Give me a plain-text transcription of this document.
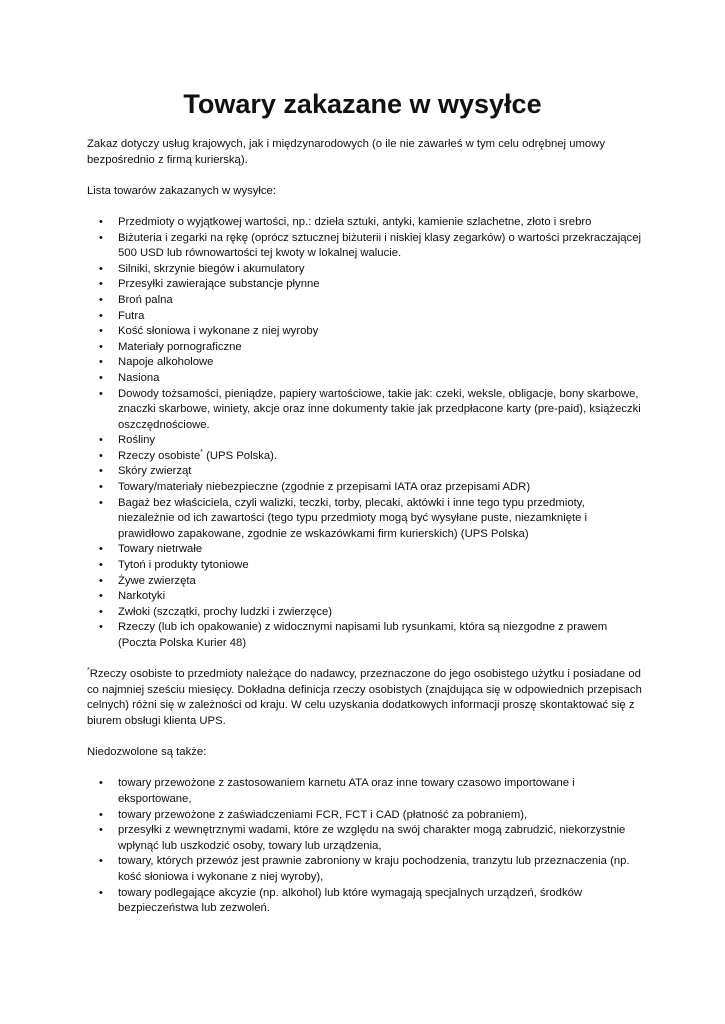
Towary zakazane w wysyłce

Zakaz dotyczy usług krajowych, jak i międzynarodowych (o ile nie zawarłeś w tym celu odrębnej umowy bezpośrednio z firmą kurierską).

Lista towarów zakazanych w wysyłce:

• Przedmioty o wyjątkowej wartości, np.: dzieła sztuki, antyki, kamienie szlachetne, złoto i srebro
• Biżuteria i zegarki na rękę (oprócz sztucznej biżuterii i niskiej klasy zegarków) o wartości przekraczającej 500 USD lub równowartości tej kwoty w lokalnej walucie.
• Silniki, skrzynie biegów i akumulatory
• Przesyłki zawierające substancje płynne
• Broń palna
• Futra
• Kość słoniowa i wykonane z niej wyroby
• Materiały pornograficzne
• Napoje alkoholowe
• Nasiona
• Dowody tożsamości, pieniądze, papiery wartościowe, takie jak: czeki, weksle, obligacje, bony skarbowe, znaczki skarbowe, winiety, akcje oraz inne dokumenty takie jak przedpłacone karty (pre-paid), książeczki oszczędnościowe.
• Rośliny
• Rzeczy osobiste* (UPS Polska).
• Skóry zwierząt
• Towary/materiały niebezpieczne (zgodnie z przepisami IATA oraz przepisami ADR)
• Bagaż bez właściciela, czyli walizki, teczki, torby, plecaki, aktówki i inne tego typu przedmioty, niezależnie od ich zawartości (tego typu przedmioty mogą być wysyłane puste, niezamknięte i prawidłowo zapakowane, zgodnie ze wskazówkami firm kurierskich) (UPS Polska)
• Towary nietrwałe
• Tytoń i produkty tytoniowe
• Żywe zwierzęta
• Narkotyki
• Zwłoki (szczątki, prochy ludzki i zwierzęce)
• Rzeczy (lub ich opakowanie) z widocznymi napisami lub rysunkami, która są niezgodne z prawem (Poczta Polska Kurier 48)

*Rzeczy osobiste to przedmioty należące do nadawcy, przeznaczone do jego osobistego użytku i posiadane od co najmniej sześciu miesięcy. Dokładna definicja rzeczy osobistych (znajdująca się w odpowiednich przepisach celnych) różni się w zależności od kraju. W celu uzyskania dodatkowych informacji proszę skontaktować się z biurem obsługi klienta UPS.

Niedozwolone są także:

• towary przewożone z zastosowaniem karnetu ATA oraz inne towary czasowo importowane i eksportowane,
• towary przewożone z zaświadczeniami FCR, FCT i CAD (płatność za pobraniem),
• przesyłki z wewnętrznymi wadami, które ze względu na swój charakter mogą zabrudzić, niekorzystnie wpłynąć lub uszkodzić osoby, towary lub urządzenia,
• towary, których przewóz jest prawnie zabroniony w kraju pochodzenia, tranzytu lub przeznaczenia (np. kość słoniowa i wykonane z niej wyroby),
• towary podlegające akcyzie (np. alkohol) lub które wymagają specjalnych urządzeń, środków bezpieczeństwa lub zezwoleń.
